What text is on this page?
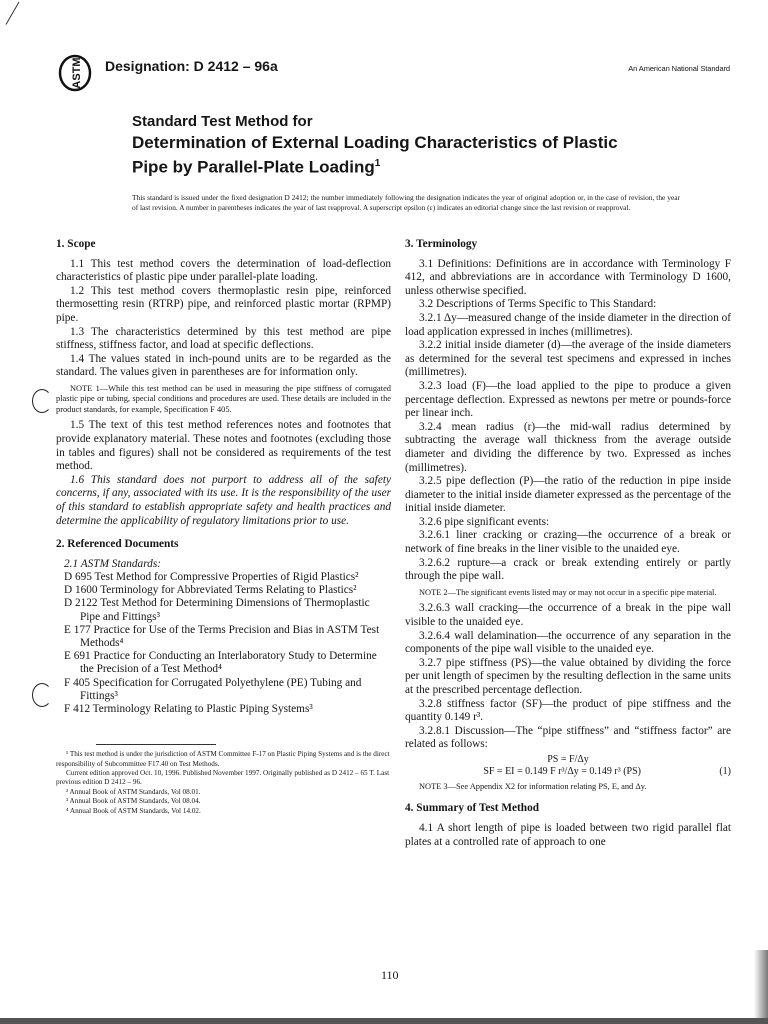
ASTM Designation: D 2412 – 96a	An American National Standard
Standard Test Method for
Determination of External Loading Characteristics of Plastic
Pipe by Parallel-Plate Loading$^1$
This standard is issued under the fixed designation D 2412; the number immediately following the designation indicates the year of original adoption or, in the case of revision, the year of last revision. A number in parentheses indicates the year of last reapproval. A superscript epsilon (ε) indicates an editorial change since the last revision or reapproval.
1. Scope

1.1 This test method covers the determination of load-deflection characteristics of plastic pipe under parallel-plate loading.

1.2 This test method covers thermoplastic resin pipe, reinforced thermosetting resin (RTRP) pipe, and reinforced plastic mortar (RPMP) pipe.

1.3 The characteristics determined by this test method are pipe stiffness, stiffness factor, and load at specific deflections.

1.4 The values stated in inch-pound units are to be regarded as the standard. The values given in parentheses are for information only.

NOTE 1—While this test method can be used in measuring the pipe stiffness of corrugated plastic pipe or tubing, special conditions and procedures are used. These details are included in the product standards, for example, Specification F 405.

1.5 The text of this test method references notes and footnotes that provide explanatory material. These notes and footnotes (excluding those in tables and figures) shall not be considered as requirements of the test method.

1.6 This standard does not purport to address all of the safety concerns, if any, associated with its use. It is the responsibility of the user of this standard to establish appropriate safety and health practices and determine the applicability of regulatory limitations prior to use.

2. Referenced Documents
2.1 ASTM Standards:
D 695 Test Method for Compressive Properties of Rigid Plastics²
D 1600 Terminology for Abbreviated Terms Relating to Plastics²
D 2122 Test Method for Determining Dimensions of Thermoplastic Pipe and Fittings³
E 177 Practice for Use of the Terms Precision and Bias in ASTM Test Methods⁴
E 691 Practice for Conducting an Interlaboratory Study to Determine the Precision of a Test Method⁴
F 405 Specification for Corrugated Polyethylene (PE) Tubing and Fittings³
F 412 Terminology Relating to Plastic Piping Systems³
¹ This test method is under the jurisdiction of ASTM Committee F-17 on Plastic Piping Systems and is the direct responsibility of Subcommittee F17.40 on Test Methods.
Current edition approved Oct. 10, 1996. Published November 1997. Originally published as D 2412 – 65 T. Last previous edition D 2412 – 96.
² Annual Book of ASTM Standards, Vol 08.01.
³ Annual Book of ASTM Standards, Vol 08.04.
⁴ Annual Book of ASTM Standards, Vol 14.02.
3. Terminology

3.1 Definitions: Definitions are in accordance with Terminology F 412, and abbreviations are in accordance with Terminology D 1600, unless otherwise specified.

3.2 Descriptions of Terms Specific to This Standard:

3.2.1 Δy—measured change of the inside diameter in the direction of load application expressed in inches (millimetres).

3.2.2 initial inside diameter (d)—the average of the inside diameters as determined for the several test specimens and expressed in inches (millimetres).

3.2.3 load (F)—the load applied to the pipe to produce a given percentage deflection. Expressed as newtons per metre or pounds-force per linear inch.

3.2.4 mean radius (r)—the mid-wall radius determined by subtracting the average wall thickness from the average outside diameter and dividing the difference by two. Expressed as inches (millimetres).

3.2.5 pipe deflection (P)—the ratio of the reduction in pipe inside diameter to the initial inside diameter expressed as the percentage of the initial inside diameter.

3.2.6 pipe significant events:

3.2.6.1 liner cracking or crazing—the occurrence of a break or network of fine breaks in the liner visible to the unaided eye.

3.2.6.2 rupture—a crack or break extending entirely or partly through the pipe wall.

NOTE 2—The significant events listed may or may not occur in a specific pipe material.

3.2.6.3 wall cracking—the occurrence of a break in the pipe wall visible to the unaided eye.

3.2.6.4 wall delamination—the occurrence of any separation in the components of the pipe wall visible to the unaided eye.

3.2.7 pipe stiffness (PS)—the value obtained by dividing the force per unit length of specimen by the resulting deflection in the same units at the prescribed percentage deflection.

3.2.8 stiffness factor (SF)—the product of pipe stiffness and the quantity 0.149 r³.

3.2.8.1 Discussion—The “pipe stiffness” and “stiffness factor” are related as follows:

PS = F/Δy
(1)
SF = EI = 0.149 F r³/Δy = 0.149 r³ (PS)
NOTE 3—See Appendix X2 for information relating PS, E, and Δy.
4. Summary of Test Method

4.1 A short length of pipe is loaded between two rigid parallel flat plates at a controlled rate of approach to one

110
